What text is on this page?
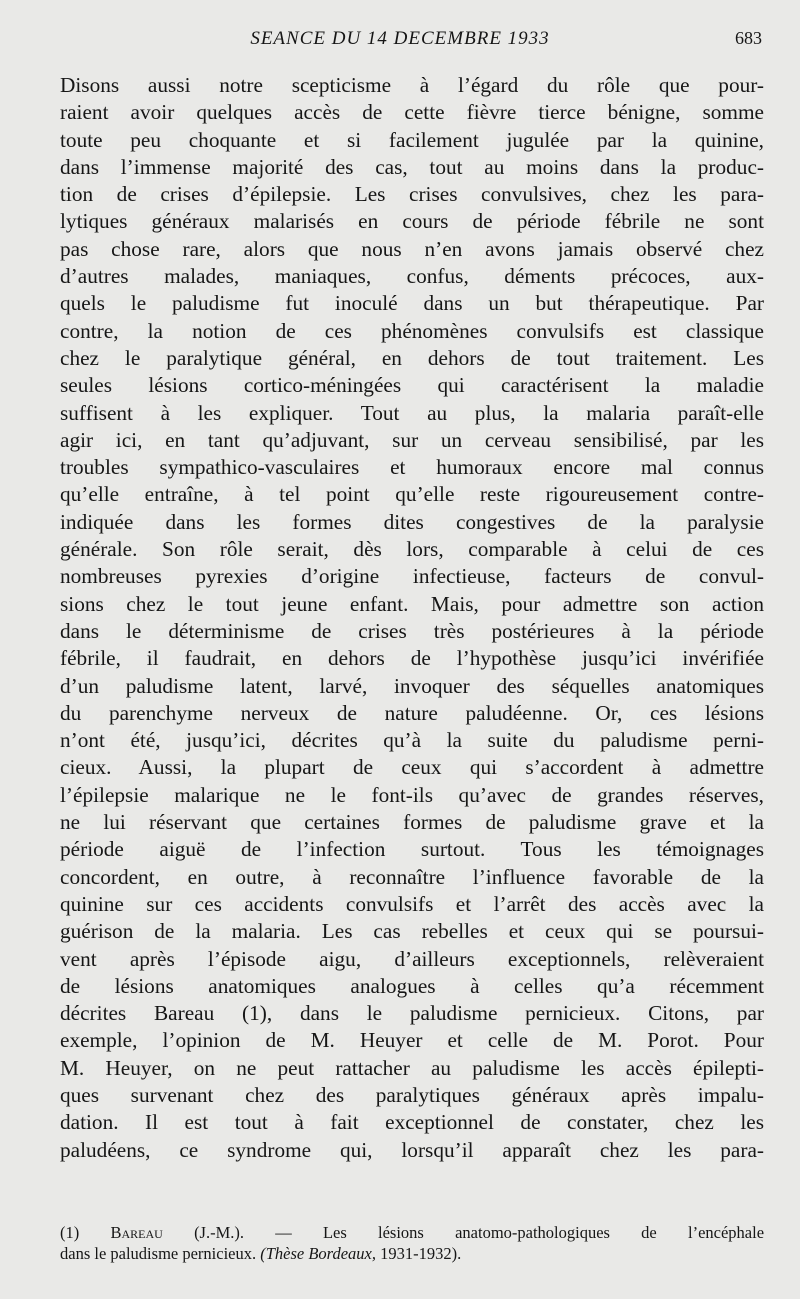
SEANCE DU 14 DECEMBRE 1933	683
Disons aussi notre scepticisme à l’égard du rôle que pour-
raient avoir quelques accès de cette fièvre tierce bénigne, somme
toute peu choquante et si facilement jugulée par la quinine,
dans l’immense majorité des cas, tout au moins dans la produc-
tion de crises d’épilepsie. Les crises convulsives, chez les para-
lytiques généraux malarisés en cours de période fébrile ne sont
pas chose rare, alors que nous n’en avons jamais observé chez
d’autres malades, maniaques, confus, déments précoces, aux-
quels le paludisme fut inoculé dans un but thérapeutique. Par
contre, la notion de ces phénomènes convulsifs est classique
chez le paralytique général, en dehors de tout traitement. Les
seules lésions cortico-méningées qui caractérisent la maladie
suffisent à les expliquer. Tout au plus, la malaria paraît-elle
agir ici, en tant qu’adjuvant, sur un cerveau sensibilisé, par les
troubles sympathico-vasculaires et humoraux encore mal connus
qu’elle entraîne, à tel point qu’elle reste rigoureusement contre-
indiquée dans les formes dites congestives de la paralysie
générale. Son rôle serait, dès lors, comparable à celui de ces
nombreuses pyrexies d’origine infectieuse, facteurs de convul-
sions chez le tout jeune enfant. Mais, pour admettre son action
dans le déterminisme de crises très postérieures à la période
fébrile, il faudrait, en dehors de l’hypothèse jusqu’ici invérifiée
d’un paludisme latent, larvé, invoquer des séquelles anatomiques
du parenchyme nerveux de nature paludéenne. Or, ces lésions
n’ont été, jusqu’ici, décrites qu’à la suite du paludisme perni-
cieux. Aussi, la plupart de ceux qui s’accordent à admettre
l’épilepsie malarique ne le font-ils qu’avec de grandes réserves,
ne lui réservant que certaines formes de paludisme grave et la
période aiguë de l’infection surtout. Tous les témoignages
concordent, en outre, à reconnaître l’influence favorable de la
quinine sur ces accidents convulsifs et l’arrêt des accès avec la
guérison de la malaria. Les cas rebelles et ceux qui se poursui-
vent après l’épisode aigu, d’ailleurs exceptionnels, relèveraient
de lésions anatomiques analogues à celles qu’a récemment
décrites Bareau (1), dans le paludisme pernicieux. Citons, par
exemple, l’opinion de M. Heuyer et celle de M. Porot. Pour
M. Heuyer, on ne peut rattacher au paludisme les accès épilepti-
ques survenant chez des paralytiques généraux après impalu-
dation. Il est tout à fait exceptionnel de constater, chez les
paludéens, ce syndrome qui, lorsqu’il apparaît chez les para-
(1) Bareau (J.-M.). — Les lésions anatomo-pathologiques de l’encéphale
dans le paludisme pernicieux. (Thèse Bordeaux, 1931-1932).
